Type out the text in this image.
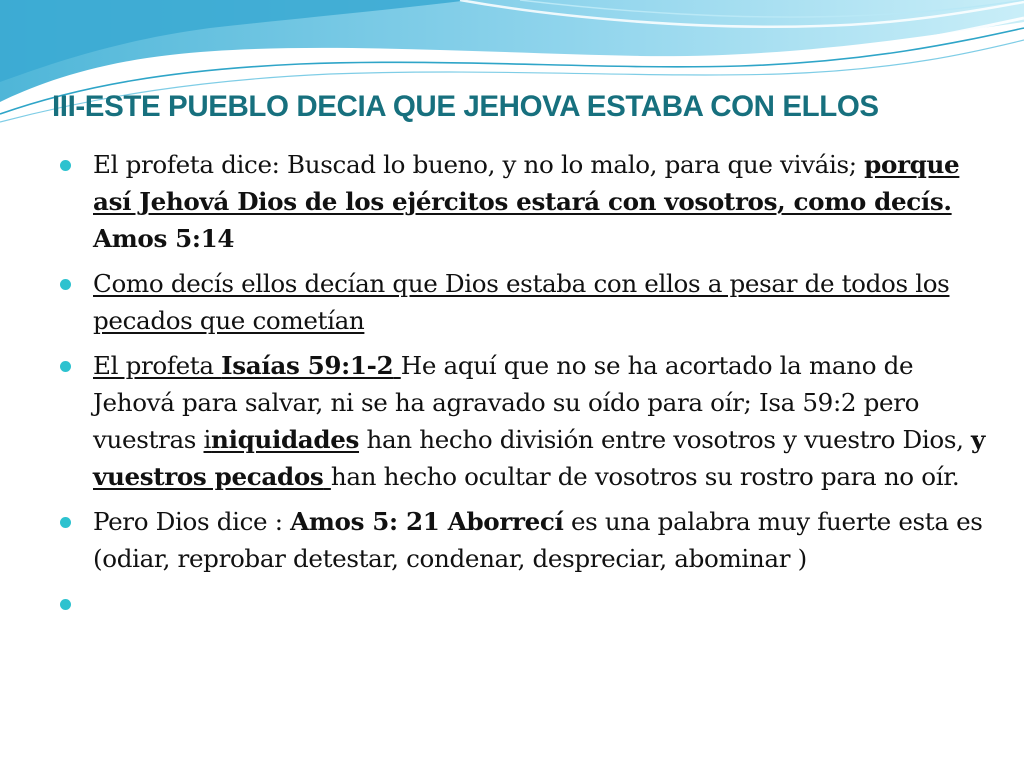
III-ESTE PUEBLO DECIA QUE JEHOVA ESTABA CON ELLOS
El profeta dice: Buscad lo bueno, y no lo malo, para que viváis; porque así Jehová Dios de los ejércitos estará con vosotros, como decís. Amos 5:14
Como decís ellos decían que Dios estaba con ellos a pesar de todos los pecados que cometían
El profeta Isaías 59:1-2 He aquí que no se ha acortado la mano de Jehová para salvar, ni se ha agravado su oído para oír; Isa 59:2 pero vuestras iniquidades han hecho división entre vosotros y vuestro Dios, y vuestros pecados han hecho ocultar de vosotros su rostro para no oír.
Pero Dios dice : Amos 5: 21 Aborrecí es una palabra muy fuerte esta es (odiar, reprobar detestar, condenar, despreciar, abominar )
